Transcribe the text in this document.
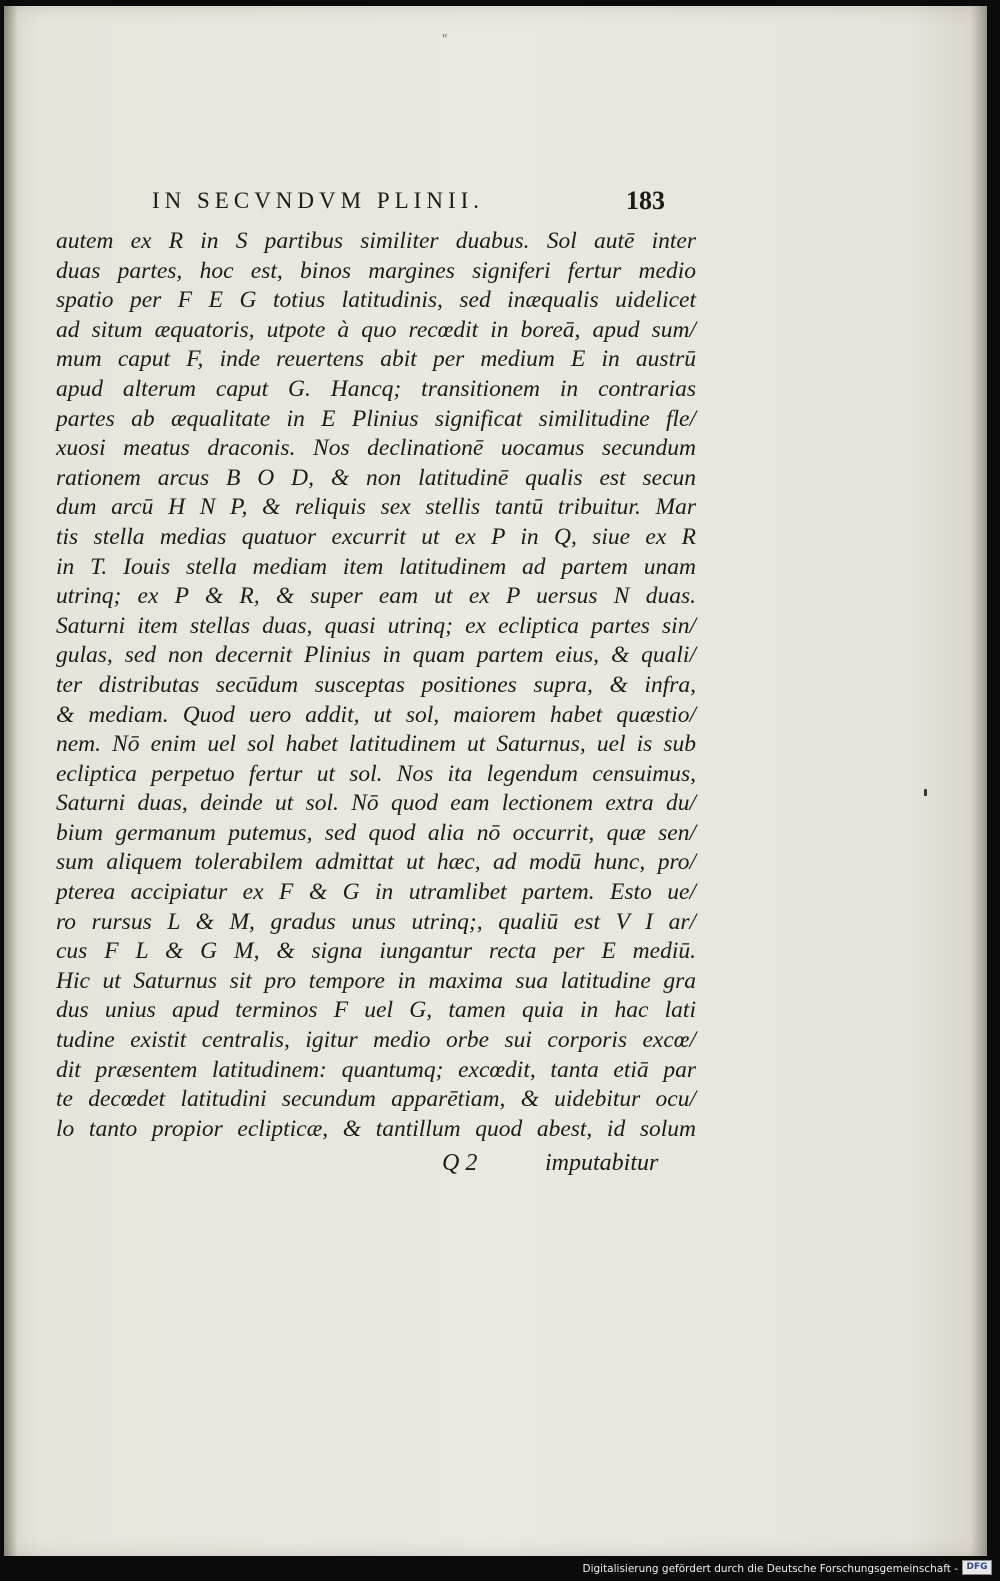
"
IN SECVNDVM PLINII.	183
autem ex R in S partibus similiter duabus. Sol autē inter
duas partes, hoc est, binos margines signiferi fertur medio
spatio per F E G totius latitudinis, sed inæqualis uidelicet
ad situm æquatoris, utpote à quo recœdit in boreā, apud sum/
mum caput F, inde reuertens abit per medium E in austrū
apud alterum caput G. Hancq; transitionem in contrarias
partes ab æqualitate in E Plinius significat similitudine fle/
xuosi meatus draconis. Nos declinationē uocamus secundum
rationem arcus B O D, & non latitudinē qualis est secun
dum arcū H N P, & reliquis sex stellis tantū tribuitur. Mar
tis stella medias quatuor excurrit ut ex P in Q, siue ex R
in T. Iouis stella mediam item latitudinem ad partem unam
utrinq; ex P & R, & super eam ut ex P uersus N duas.
Saturni item stellas duas, quasi utrinq; ex ecliptica partes sin/
gulas, sed non decernit Plinius in quam partem eius, & quali/
ter distributas secūdum susceptas positiones supra, & infra,
& mediam. Quod uero addit, ut sol, maiorem habet quæstio/
nem. Nō enim uel sol habet latitudinem ut Saturnus, uel is sub
ecliptica perpetuo fertur ut sol. Nos ita legendum censuimus,
Saturni duas, deinde ut sol. Nō quod eam lectionem extra du/
bium germanum putemus, sed quod alia nō occurrit, quæ sen/
sum aliquem tolerabilem admittat ut hæc, ad modū hunc, pro/
pterea accipiatur ex F & G in utramlibet partem. Esto ue/
ro rursus L & M, gradus unus utrinq;, qualiū est V I ar/
cus F L & G M, & signa iungantur recta per E mediū.
Hic ut Saturnus sit pro tempore in maxima sua latitudine gra
dus unius apud terminos F uel G, tamen quia in hac lati
tudine existit centralis, igitur medio orbe sui corporis excœ/
dit præsentem latitudinem: quantumq; excœdit, tanta etiā par
te decœdet latitudini secundum apparētiam, & uidebitur ocu/
lo tanto propior eclipticæ, & tantillum quod abest, id solum
Q 2	imputabitur
Digitalisierung gefördert durch die Deutsche Forschungsgemeinschaft - DFG
